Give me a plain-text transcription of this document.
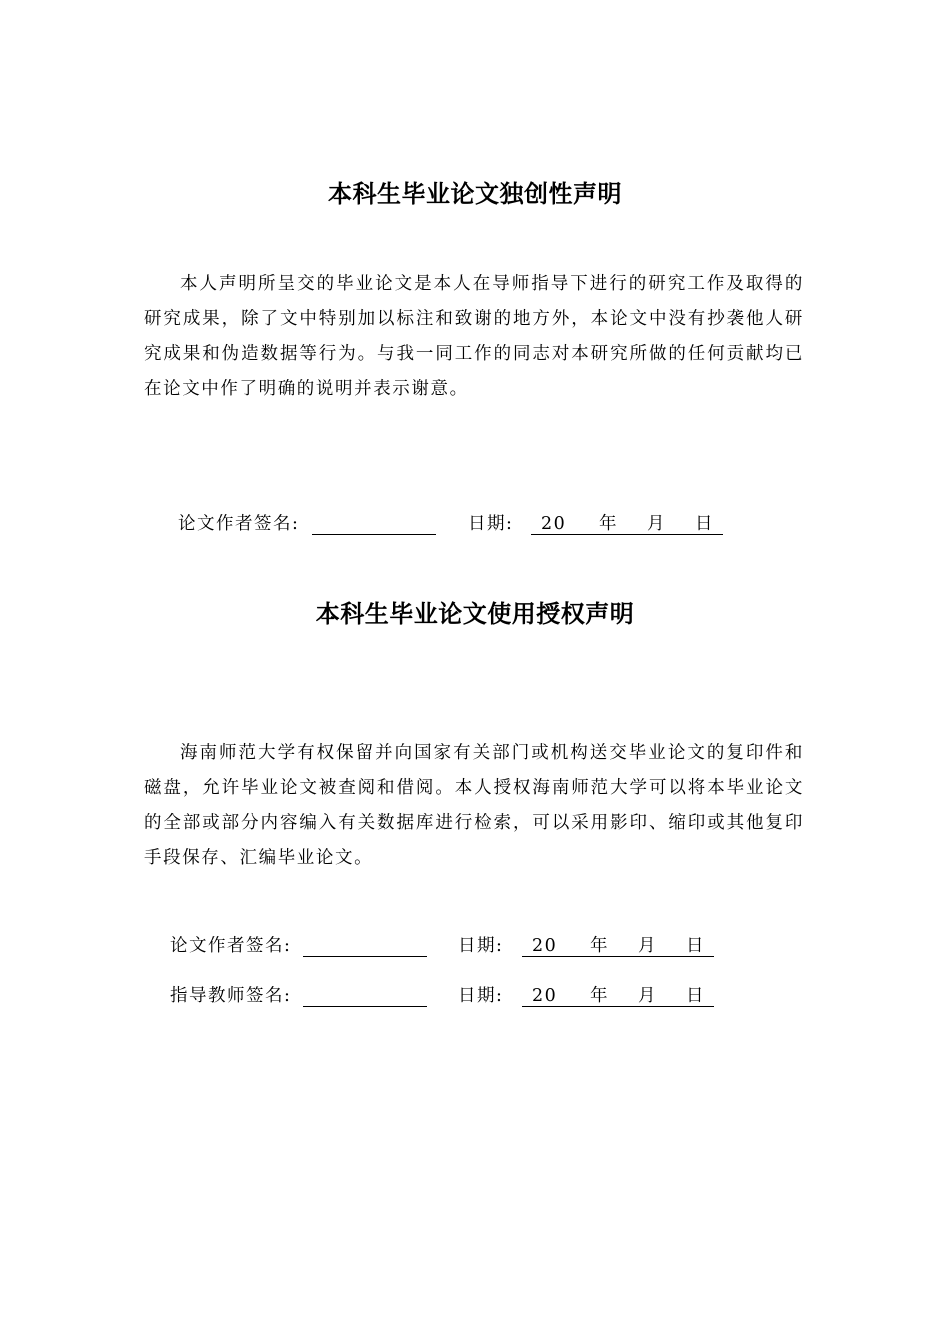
本科生毕业论文独创性声明
本人声明所呈交的毕业论文是本人在导师指导下进行的研究工作及取得的研究成果，除了文中特别加以标注和致谢的地方外，本论文中没有抄袭他人研究成果和伪造数据等行为。与我一同工作的同志对本研究所做的任何贡献均已在论文中作了明确的说明并表示谢意。
论文作者签名:	日期: 20 年 月 日
本科生毕业论文使用授权声明
海南师范大学有权保留并向国家有关部门或机构送交毕业论文的复印件和磁盘，允许毕业论文被查阅和借阅。本人授权海南师范大学可以将本毕业论文的全部或部分内容编入有关数据库进行检索，可以采用影印、缩印或其他复印手段保存、汇编毕业论文。
论文作者签名:	日期: 20 年 月 日
指导教师签名:	日期: 20 年 月 日
